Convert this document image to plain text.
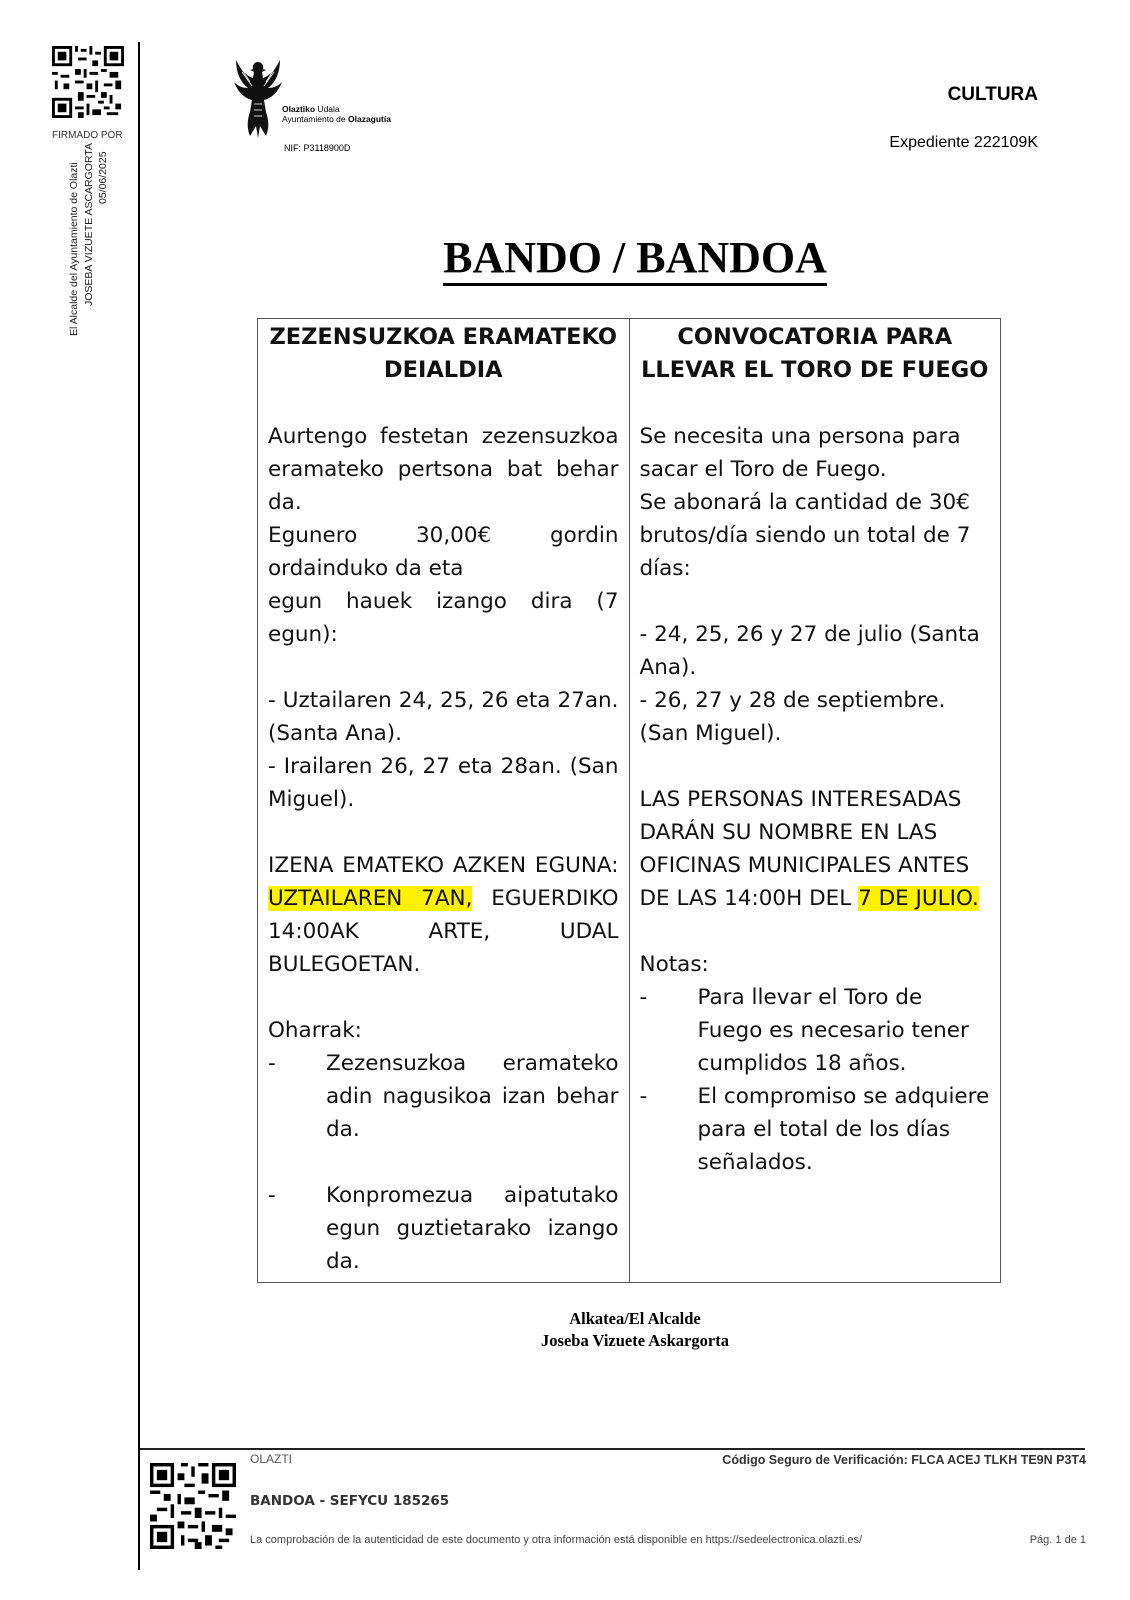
FIRMADO POR
El Alcalde del Ayuntamiento de Olazti JOSEBA VIZUETE ASCARGORTA 05/06/2025
Olaztiko Udala
Ayuntamiento de Olazagutía
NIF: P3118900D
CULTURA
Expediente 222109K
BANDO / BANDOA
ZEZENSUZKOA ERAMATEKO DEIALDIA

Aurtengo festetan zezensuzkoa eramateko pertsona bat behar da.

Egunero 30,00€ gordin ordainduko da eta

egun hauek izango dira (7 egun):

- Uztailaren 24, 25, 26 eta 27an. (Santa Ana).

- Irailaren 26, 27 eta 28an. (San Miguel).

IZENA EMATEKO AZKEN EGUNA: UZTAILAREN 7AN, EGUERDIKO 14:00AK ARTE, UDAL BULEGOETAN.

Oharrak:

-	Zezensuzkoa eramateko adin nagusikoa izan behar da.
-	Konpromezua aipatutako egun guztietarako izango da.

CONVOCATORIA PARA LLEVAR EL TORO DE FUEGO

Se necesita una persona para sacar el Toro de Fuego.

Se abonará la cantidad de 30€ brutos/día siendo un total de 7 días:

- 24, 25, 26 y 27 de julio (Santa Ana).

- 26, 27 y 28 de septiembre. (San Miguel).

LAS PERSONAS INTERESADAS DARÁN SU NOMBRE EN LAS OFICINAS MUNICIPALES ANTES DE LAS 14:00H DEL 7 DE JULIO.

Notas:

-	Para llevar el Toro de Fuego es necesario tener cumplidos 18 años.
-	El compromiso se adquiere para el total de los días señalados.
Alkatea/El Alcalde
Joseba Vizuete Askargorta
OLAZTI	Código Seguro de Verificación: FLCA ACEJ TLKH TE9N P3T4
BANDOA - SEFYCU 185265
La comprobación de la autenticidad de este documento y otra información está disponible en https://sedeelectronica.olazti.es/	Pág. 1 de 1
